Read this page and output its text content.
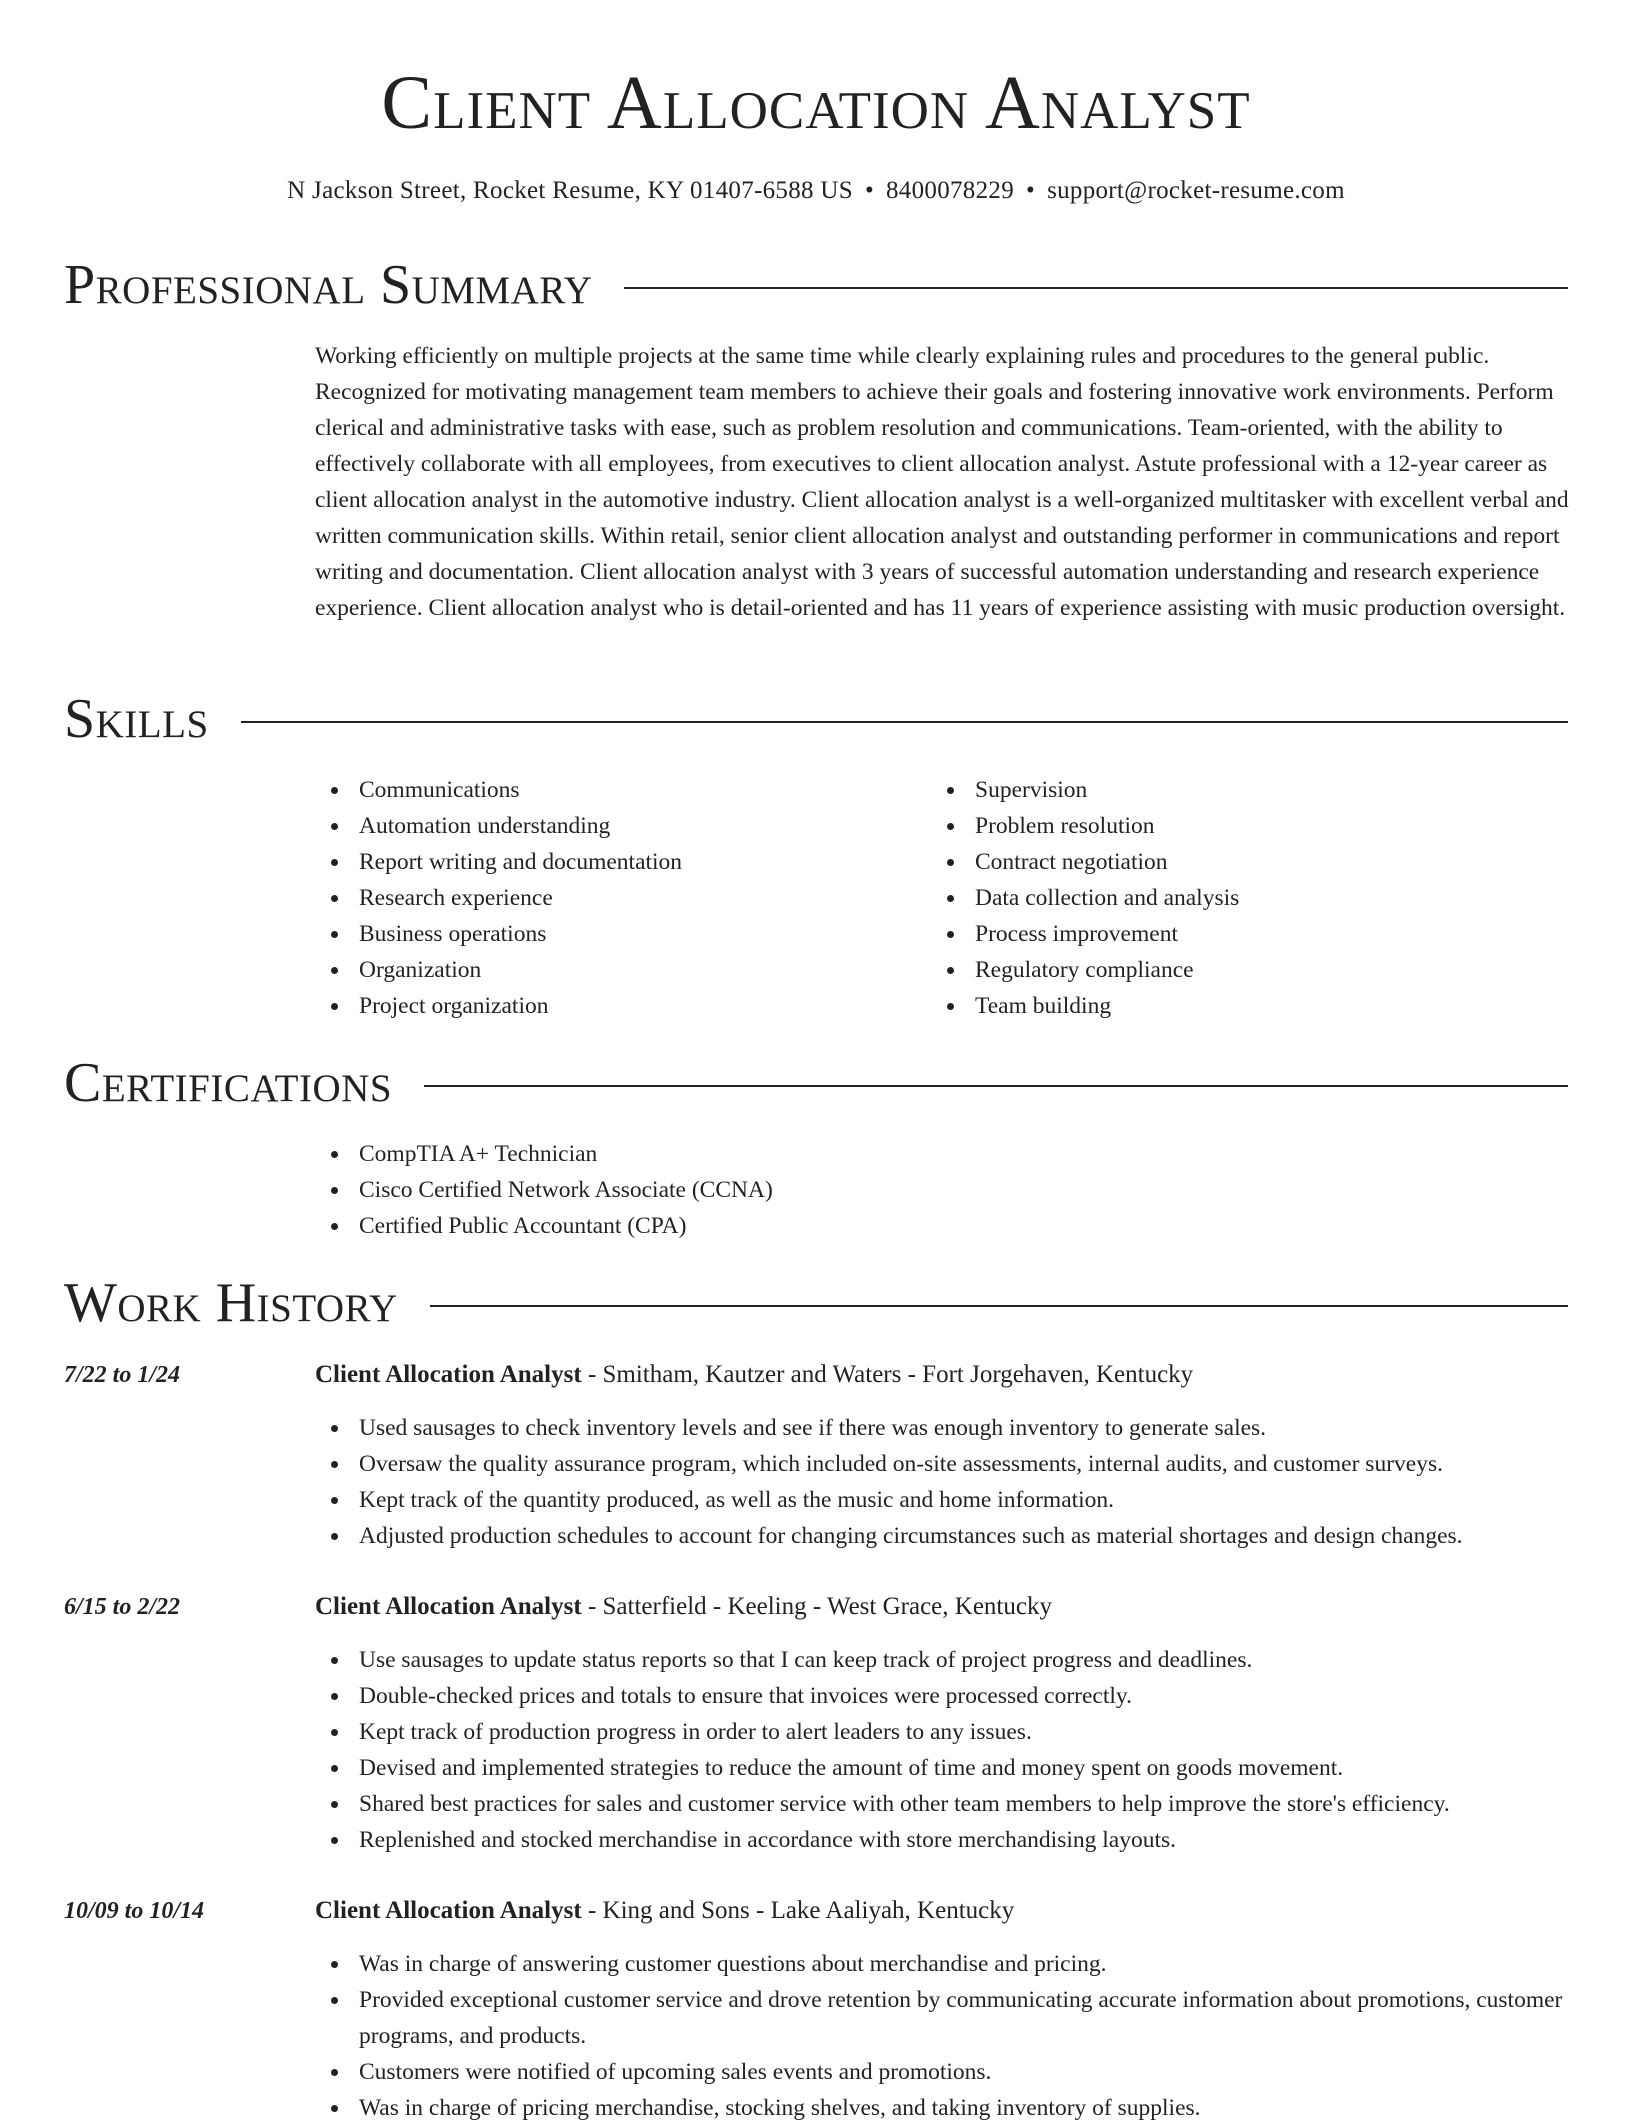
Client Allocation Analyst
N Jackson Street, Rocket Resume, KY 01407-6588 US • 8400078229 • support@rocket-resume.com
Professional Summary

Working efficiently on multiple projects at the same time while clearly explaining rules and procedures to the general public. Recognized for motivating management team members to achieve their goals and fostering innovative work environments. Perform clerical and administrative tasks with ease, such as problem resolution and communications. Team-oriented, with the ability to effectively collaborate with all employees, from executives to client allocation analyst. Astute professional with a 12-year career as client allocation analyst in the automotive industry. Client allocation analyst is a well-organized multitasker with excellent verbal and written communication skills. Within retail, senior client allocation analyst and outstanding performer in communications and report writing and documentation. Client allocation analyst with 3 years of successful automation understanding and research experience experience. Client allocation analyst who is detail-oriented and has 11 years of experience assisting with music production oversight.

Skills
Communications
Automation understanding
Report writing and documentation
Research experience
Business operations
Organization
Project organization
Supervision
Problem resolution
Contract negotiation
Data collection and analysis
Process improvement
Regulatory compliance
Team building
Certifications
CompTIA A+ Technician
Cisco Certified Network Associate (CCNA)
Certified Public Accountant (CPA)
Work History
7/22 to 1/24	Client Allocation Analyst - Smitham, Kautzer and Waters - Fort Jorgehaven, Kentucky
Used sausages to check inventory levels and see if there was enough inventory to generate sales.
Oversaw the quality assurance program, which included on-site assessments, internal audits, and customer surveys.
Kept track of the quantity produced, as well as the music and home information.
Adjusted production schedules to account for changing circumstances such as material shortages and design changes.
6/15 to 2/22	Client Allocation Analyst - Satterfield - Keeling - West Grace, Kentucky
Use sausages to update status reports so that I can keep track of project progress and deadlines.
Double-checked prices and totals to ensure that invoices were processed correctly.
Kept track of production progress in order to alert leaders to any issues.
Devised and implemented strategies to reduce the amount of time and money spent on goods movement.
Shared best practices for sales and customer service with other team members to help improve the store's efficiency.
Replenished and stocked merchandise in accordance with store merchandising layouts.
10/09 to 10/14	Client Allocation Analyst - King and Sons - Lake Aaliyah, Kentucky
Was in charge of answering customer questions about merchandise and pricing.
Provided exceptional customer service and drove retention by communicating accurate information about promotions, customer programs, and products.
Customers were notified of upcoming sales events and promotions.
Was in charge of pricing merchandise, stocking shelves, and taking inventory of supplies.
